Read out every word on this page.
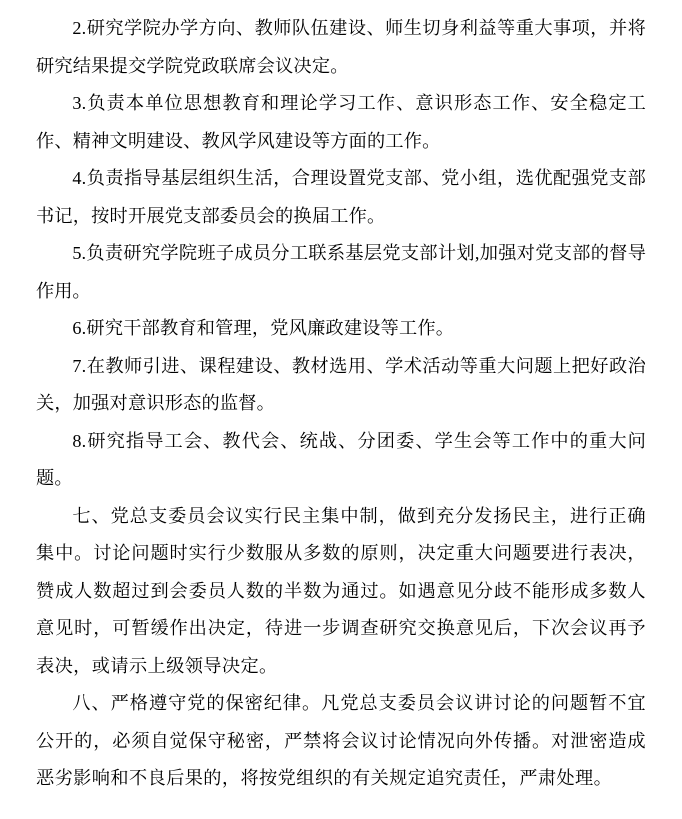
2.研究学院办学方向、教师队伍建设、师生切身利益等重大事项，并将研究结果提交学院党政联席会议决定。

3.负责本单位思想教育和理论学习工作、意识形态工作、安全稳定工作、精神文明建设、教风学风建设等方面的工作。

4.负责指导基层组织生活，合理设置党支部、党小组，选优配强党支部书记，按时开展党支部委员会的换届工作。

5.负责研究学院班子成员分工联系基层党支部计划,加强对党支部的督导作用。

6.研究干部教育和管理，党风廉政建设等工作。

7.在教师引进、课程建设、教材选用、学术活动等重大问题上把好政治关，加强对意识形态的监督。

8.研究指导工会、教代会、统战、分团委、学生会等工作中的重大问题。

七、党总支委员会议实行民主集中制，做到充分发扬民主，进行正确集中。讨论问题时实行少数服从多数的原则，决定重大问题要进行表决，赞成人数超过到会委员人数的半数为通过。如遇意见分歧不能形成多数人意见时，可暂缓作出决定，待进一步调查研究交换意见后，下次会议再予表决，或请示上级领导决定。

八、严格遵守党的保密纪律。凡党总支委员会议讲讨论的问题暂不宜公开的，必须自觉保守秘密，严禁将会议讨论情况向外传播。对泄密造成恶劣影响和不良后果的，将按党组织的有关规定追究责任，严肃处理。
